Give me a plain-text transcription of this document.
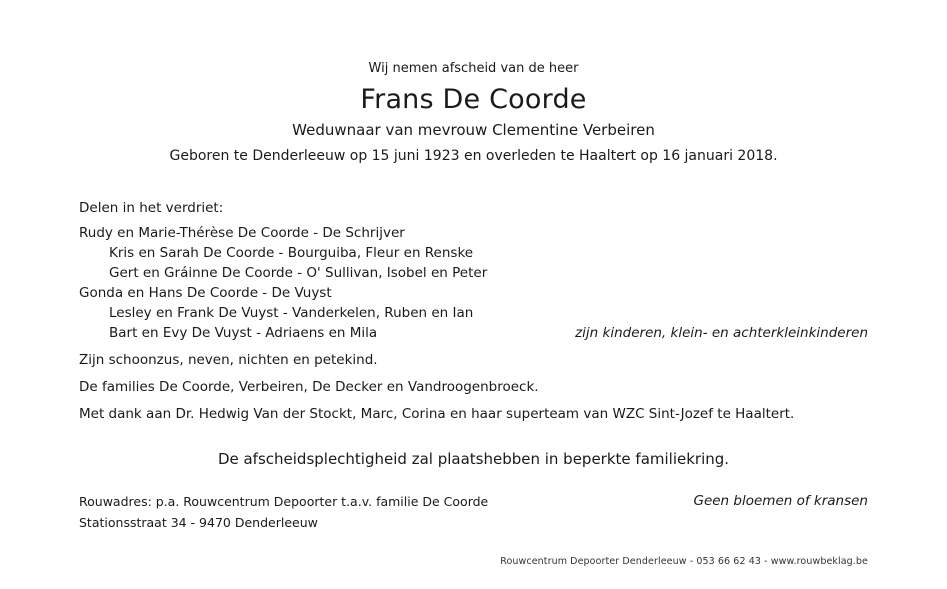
Wij nemen afscheid van de heer
Frans De Coorde
Weduwnaar van mevrouw Clementine Verbeiren
Geboren te Denderleeuw op 15 juni 1923 en overleden te Haaltert op 16 januari 2018.
Delen in het verdriet:
Rudy en Marie-Thérèse De Coorde - De Schrijver
Kris en Sarah De Coorde - Bourguiba, Fleur en Renske
Gert en Gráinne De Coorde - O' Sullivan, Isobel en Peter
Gonda en Hans De Coorde - De Vuyst
Lesley en Frank De Vuyst - Vanderkelen, Ruben en Ian
Bart en Evy De Vuyst - Adriaens en Mila	zijn kinderen, klein- en achterkleinkinderen
Zijn schoonzus, neven, nichten en petekind.
De families De Coorde, Verbeiren, De Decker en Vandroogenbroeck.
Met dank aan Dr. Hedwig Van der Stockt, Marc, Corina en haar superteam van WZC Sint-Jozef te Haaltert.
De afscheidsplechtigheid zal plaatshebben in beperkte familiekring.
Rouwadres: p.a. Rouwcentrum Depoorter t.a.v. familie De Coorde
Stationsstraat 34 - 9470 Denderleeuw
Geen bloemen of kransen
Rouwcentrum Depoorter Denderleeuw - 053 66 62 43 - www.rouwbeklag.be
